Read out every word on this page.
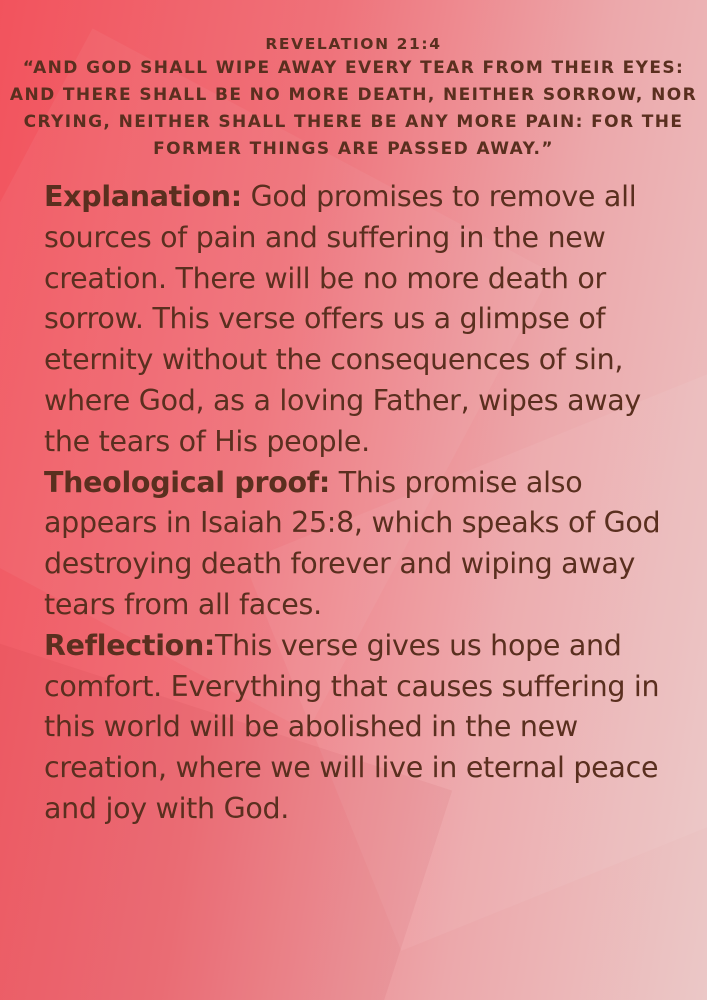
REVELATION 21:4
“AND GOD SHALL WIPE AWAY EVERY TEAR FROM THEIR EYES: AND THERE SHALL BE NO MORE DEATH, NEITHER SORROW, NOR CRYING, NEITHER SHALL THERE BE ANY MORE PAIN: FOR THE FORMER THINGS ARE PASSED AWAY.”

Explanation: God promises to remove all sources of pain and suffering in the new creation. There will be no more death or sorrow. This verse offers us a glimpse of eternity without the consequences of sin, where God, as a loving Father, wipes away the tears of His people.

Theological proof: This promise also appears in Isaiah 25:8, which speaks of God destroying death forever and wiping away tears from all faces.

Reflection:This verse gives us hope and comfort. Everything that causes suffering in this world will be abolished in the new creation, where we will live in eternal peace and joy with God.
